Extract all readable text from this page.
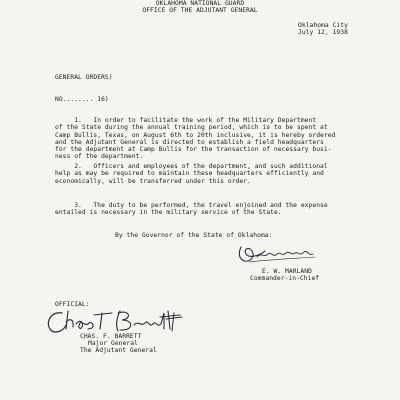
OKLAHOMA NATIONAL GUARD
OFFICE OF THE ADJUTANT GENERAL
Oklahoma City
July 12, 1938
GENERAL ORDERS)
NO........ 16)
1.   In order to facilitate the work of the Military Department
of the State during the annual training period, which is to be spent at
Camp Bullis, Texas, on August 6th to 20th inclusive, it is hereby ordered
and the Adjutant General is directed to establish a field headquarters
for the department at Camp Bullis for the transaction of necessary busi-
ness of the department.
2.   Officers and employees of the department, and such additional
help as may be required to maintain these headquarters efficiently and
economically, will be transferred under this order.
3.   The duty to be performed, the travel enjoined and the expense
entailed is necessary in the military service of the State.
By the Governor of the State of Oklahoma:
E. W. MARLAND
Commander-in-Chief
OFFICIAL:
CHAS. F. BARRETT
Major General
The Adjutant General
